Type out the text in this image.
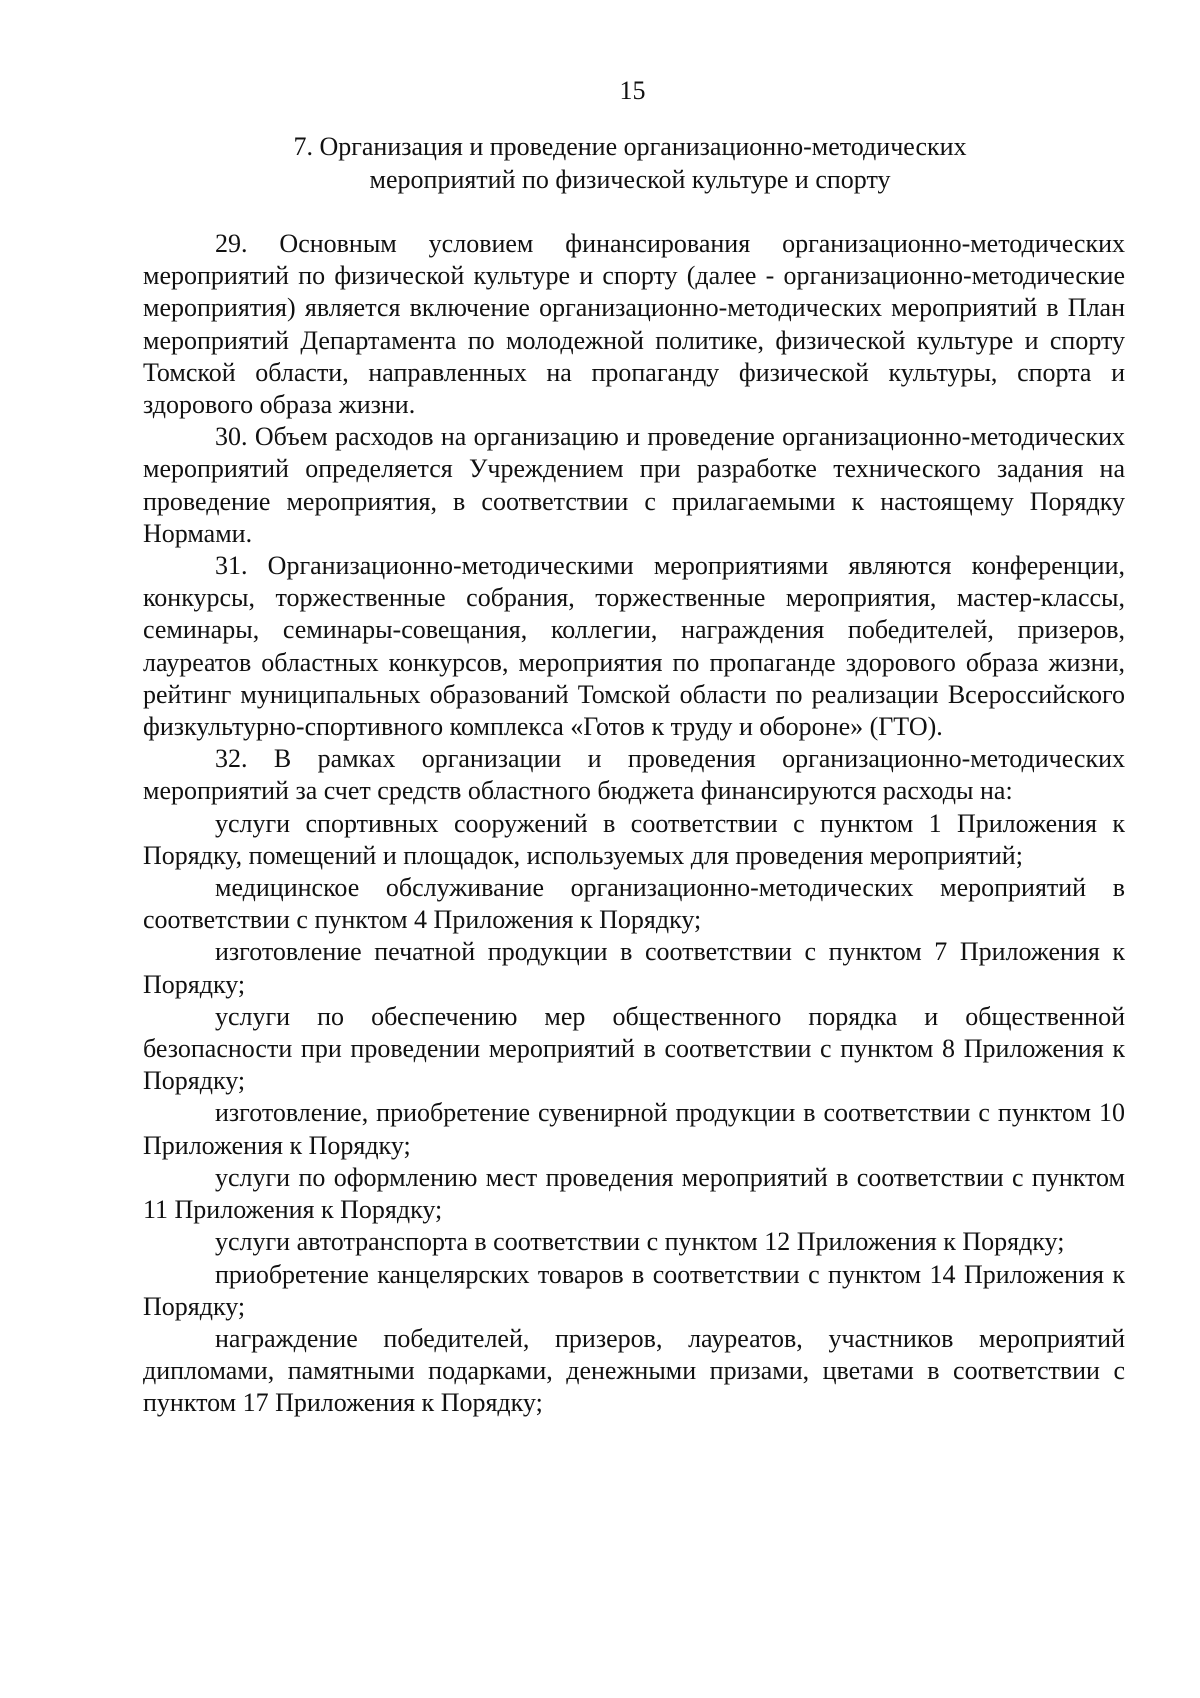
15
7. Организация и проведение организационно-методических
мероприятий по физической культуре и спорту

29. Основным условием финансирования организационно-методических мероприятий по физической культуре и спорту (далее - организационно-методические мероприятия) является включение организационно-методических мероприятий в План мероприятий Департамента по молодежной политике, физической культуре и спорту Томской области, направленных на пропаганду физической культуры, спорта и здорового образа жизни.

30. Объем расходов на организацию и проведение организационно-методических мероприятий определяется Учреждением при разработке технического задания на проведение мероприятия, в соответствии с прилагаемыми к настоящему Порядку Нормами.

31. Организационно-методическими мероприятиями являются конференции, конкурсы, торжественные собрания, торжественные мероприятия, мастер-классы, семинары, семинары-совещания, коллегии, награждения победителей, призеров, лауреатов областных конкурсов, мероприятия по пропаганде здорового образа жизни, рейтинг муниципальных образований Томской области по реализации Всероссийского физкультурно-спортивного комплекса «Готов к труду и обороне» (ГТО).

32. В рамках организации и проведения организационно-методических мероприятий за счет средств областного бюджета финансируются расходы на:

услуги спортивных сооружений в соответствии с пунктом 1 Приложения к Порядку, помещений и площадок, используемых для проведения мероприятий;

медицинское обслуживание организационно-методических мероприятий в соответствии с пунктом 4 Приложения к Порядку;

изготовление печатной продукции в соответствии с пунктом 7 Приложения к Порядку;

услуги по обеспечению мер общественного порядка и общественной безопасности при проведении мероприятий в соответствии с пунктом 8 Приложения к Порядку;

изготовление, приобретение сувенирной продукции в соответствии с пунктом 10 Приложения к Порядку;

услуги по оформлению мест проведения мероприятий в соответствии с пунктом 11 Приложения к Порядку;

услуги автотранспорта в соответствии с пунктом 12 Приложения к Порядку;

приобретение канцелярских товаров в соответствии с пунктом 14 Приложения к Порядку;

награждение победителей, призеров, лауреатов, участников мероприятий дипломами, памятными подарками, денежными призами, цветами в соответствии с пунктом 17 Приложения к Порядку;
